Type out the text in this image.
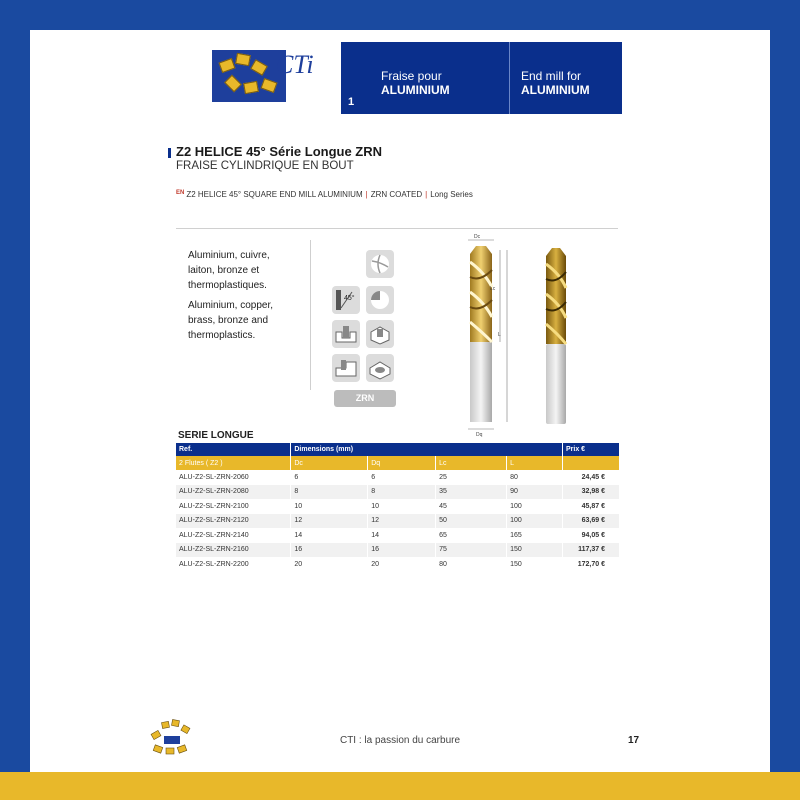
CTi
1
Fraise pour
ALUMINIUM
End mill for
ALUMINIUM
Z2 HELICE 45° Série Longue ZRN
FRAISE CYLINDRIQUE EN BOUT
$^{EN}$ Z2 HELICE 45° SQUARE END MILL ALUMINIUM | ZRN COATED | Long Series
Aluminium, cuivre, laiton, bronze et thermoplastiques.
Aluminium, copper, brass, bronze and thermoplastics.
45°
ZRN
Dc
Dq
Lc
L
SERIE LONGUE
Ref.	Dimensions (mm)				Prix €
2 Flutes ( Z2 )	Dc	Dq	Lc	L	
ALU-Z2-SL-ZRN-2060	6	6	25	80	24,45 €
ALU-Z2-SL-ZRN-2080	8	8	35	90	32,98 €
ALU-Z2-SL-ZRN-2100	10	10	45	100	45,87 €
ALU-Z2-SL-ZRN-2120	12	12	50	100	63,69 €
ALU-Z2-SL-ZRN-2140	14	14	65	165	94,05 €
ALU-Z2-SL-ZRN-2160	16	16	75	150	117,37 €
ALU-Z2-SL-ZRN-2200	20	20	80	150	172,70 €
CTI : la passion du carbure	17
